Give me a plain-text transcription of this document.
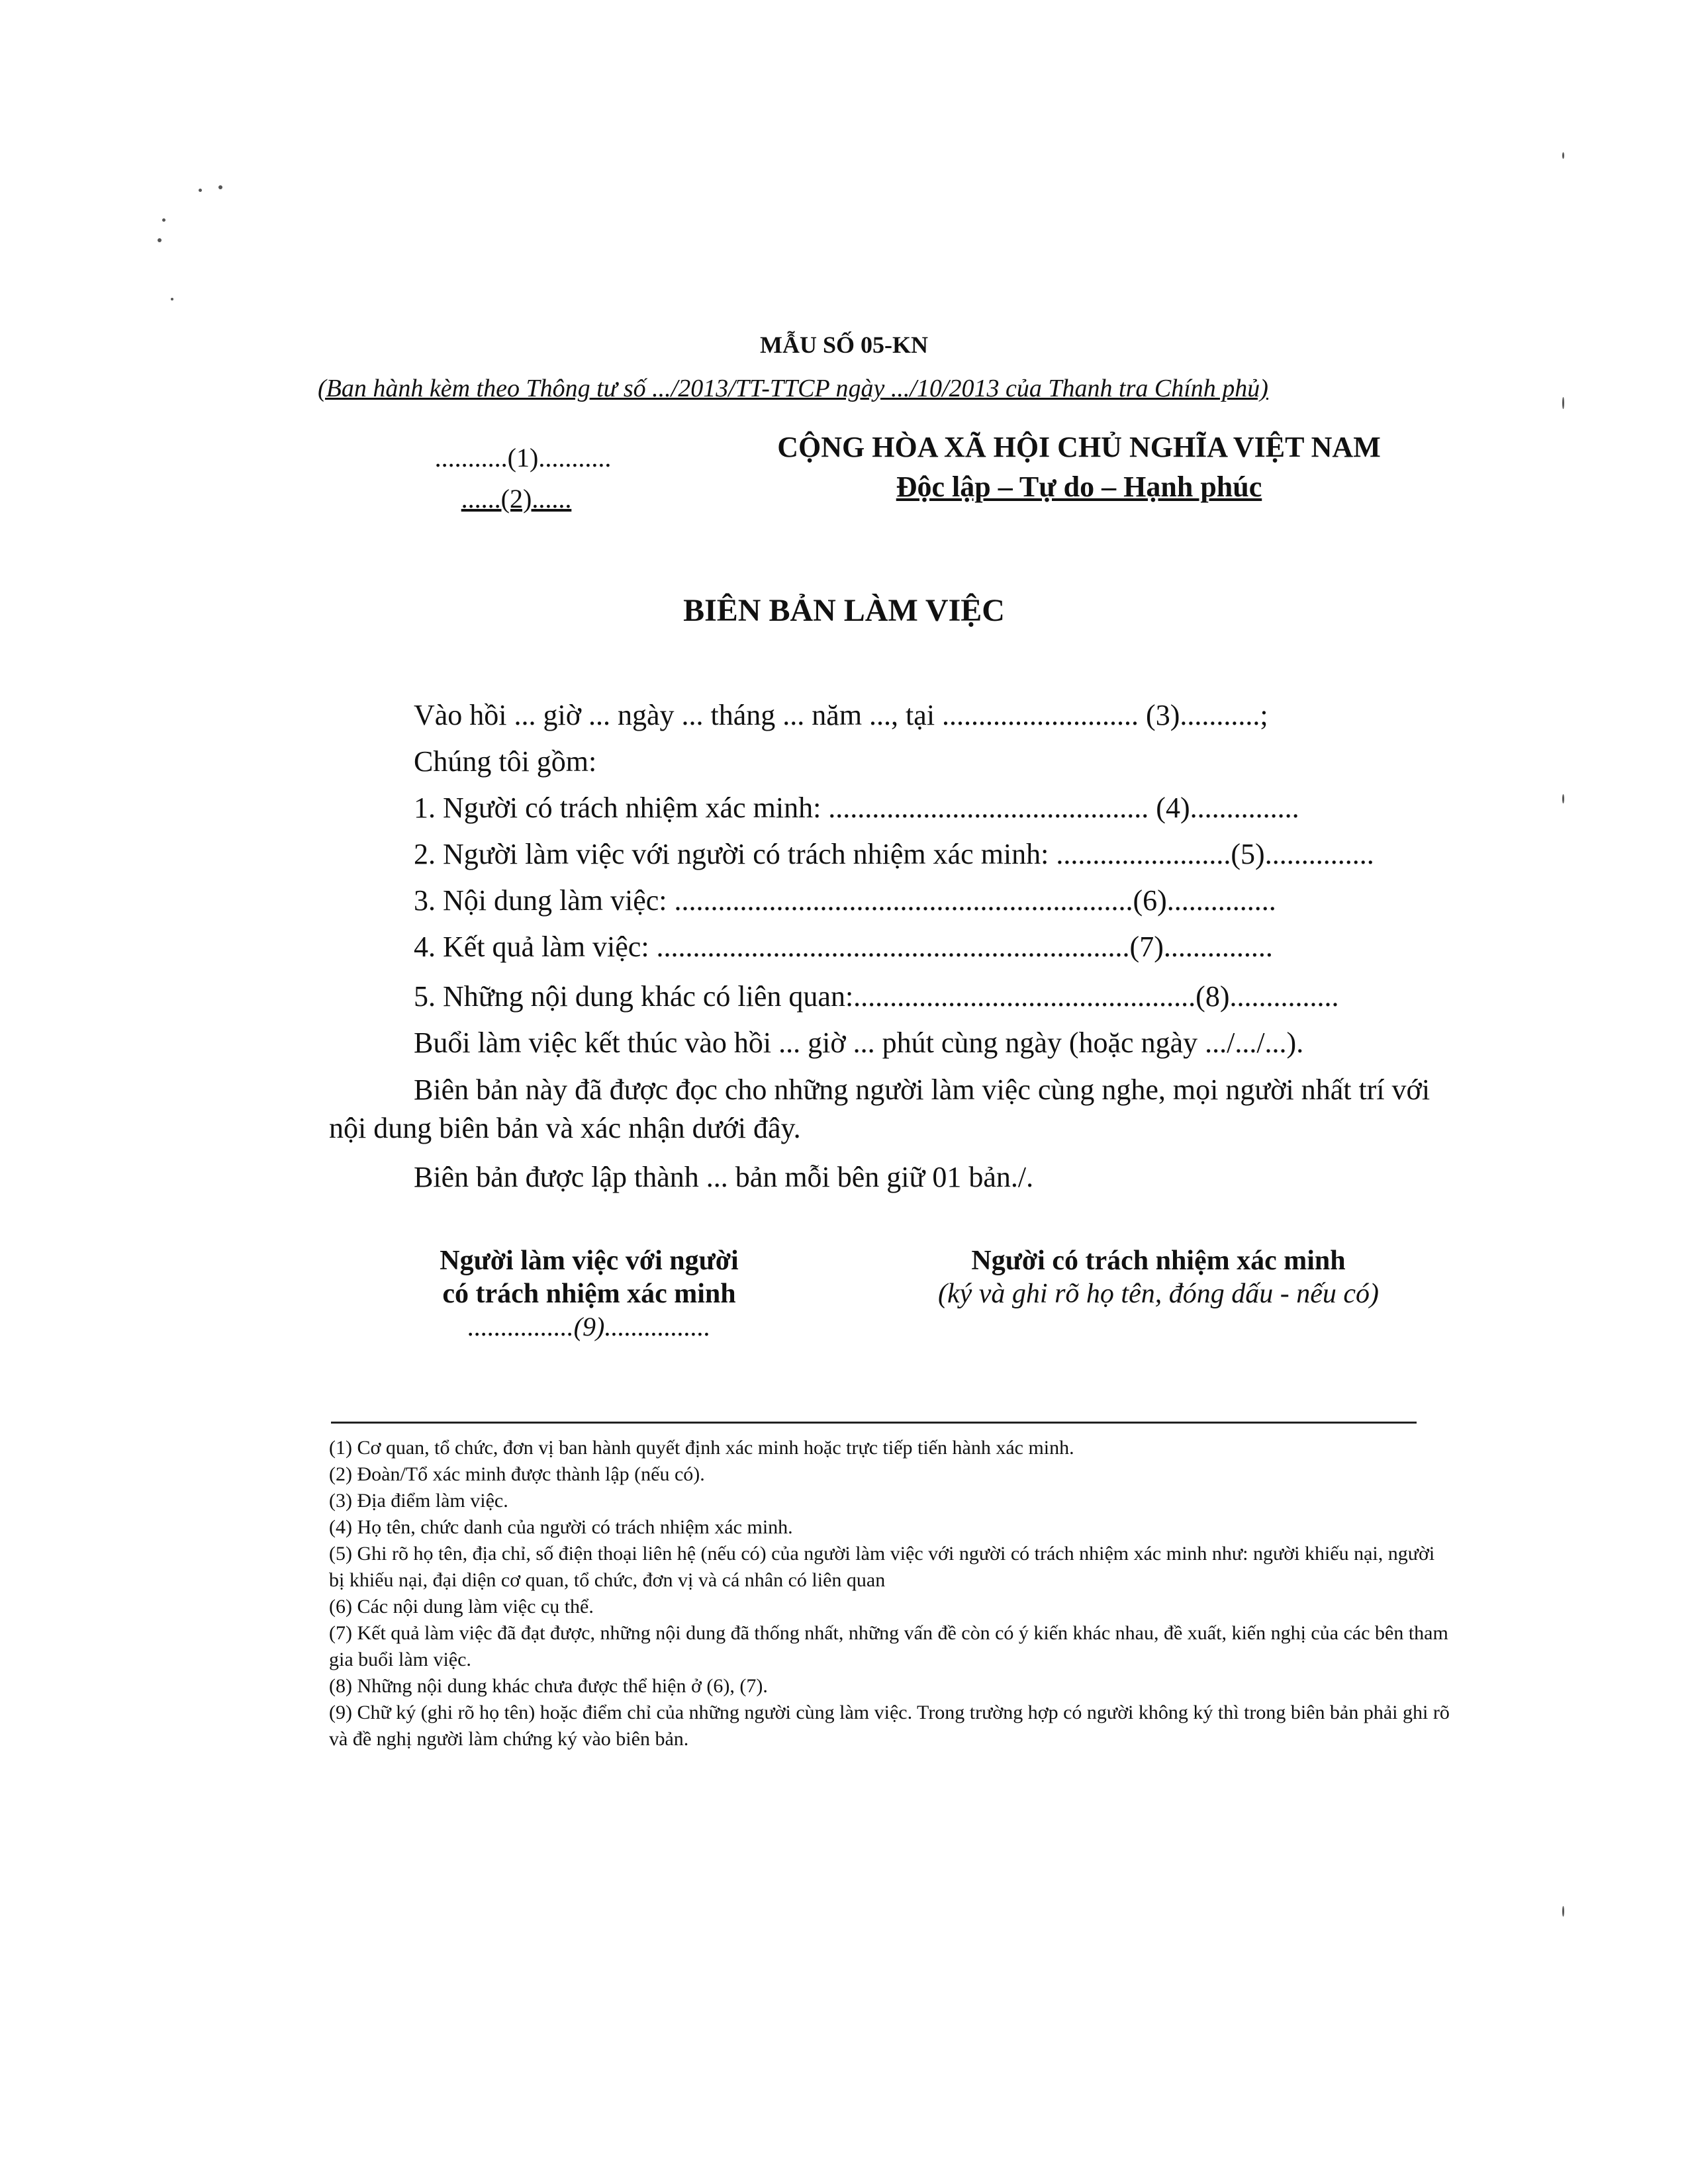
MẪU SỐ 05-KN
(Ban hành kèm theo Thông tư số .../2013/TT-TTCP ngày .../10/2013 của Thanh tra Chính phủ)
...........(1)...........
......(2)......
CỘNG HÒA XÃ HỘI CHỦ NGHĨA VIỆT NAM
Độc lập – Tự do – Hạnh phúc
BIÊN BẢN LÀM VIỆC
Vào hồi ... giờ ... ngày ... tháng ... năm ..., tại ........................... (3)...........;
Chúng tôi gồm:
1. Người có trách nhiệm xác minh: ............................................ (4)...............
2. Người làm việc với người có trách nhiệm xác minh: ........................(5)...............
3. Nội dung làm việc: ...............................................................(6)...............
4. Kết quả làm việc: .................................................................(7)...............
5. Những nội dung khác có liên quan:...............................................(8)...............
Buổi làm việc kết thúc vào hồi ... giờ ... phút cùng ngày (hoặc ngày .../.../...).
Biên bản này đã được đọc cho những người làm việc cùng nghe, mọi người nhất trí với nội dung biên bản và xác nhận dưới đây.
Biên bản được lập thành ... bản mỗi bên giữ 01 bản./.
Người làm việc với người
có trách nhiệm xác minh
................(9)................
Người có trách nhiệm xác minh
(ký và ghi rõ họ tên, đóng dấu - nếu có)
(1) Cơ quan, tổ chức, đơn vị ban hành quyết định xác minh hoặc trực tiếp tiến hành xác minh.
(2) Đoàn/Tổ xác minh được thành lập (nếu có).
(3) Địa điểm làm việc.
(4) Họ tên, chức danh của người có trách nhiệm xác minh.
(5) Ghi rõ họ tên, địa chỉ, số điện thoại liên hệ (nếu có) của người làm việc với người có trách nhiệm xác minh như: người khiếu nại, người bị khiếu nại, đại diện cơ quan, tổ chức, đơn vị và cá nhân có liên quan
(6) Các nội dung làm việc cụ thể.
(7) Kết quả làm việc đã đạt được, những nội dung đã thống nhất, những vấn đề còn có ý kiến khác nhau, đề xuất, kiến nghị của các bên tham gia buổi làm việc.
(8) Những nội dung khác chưa được thể hiện ở (6), (7).
(9) Chữ ký (ghi rõ họ tên) hoặc điểm chỉ của những người cùng làm việc. Trong trường hợp có người không ký thì trong biên bản phải ghi rõ và đề nghị người làm chứng ký vào biên bản.
